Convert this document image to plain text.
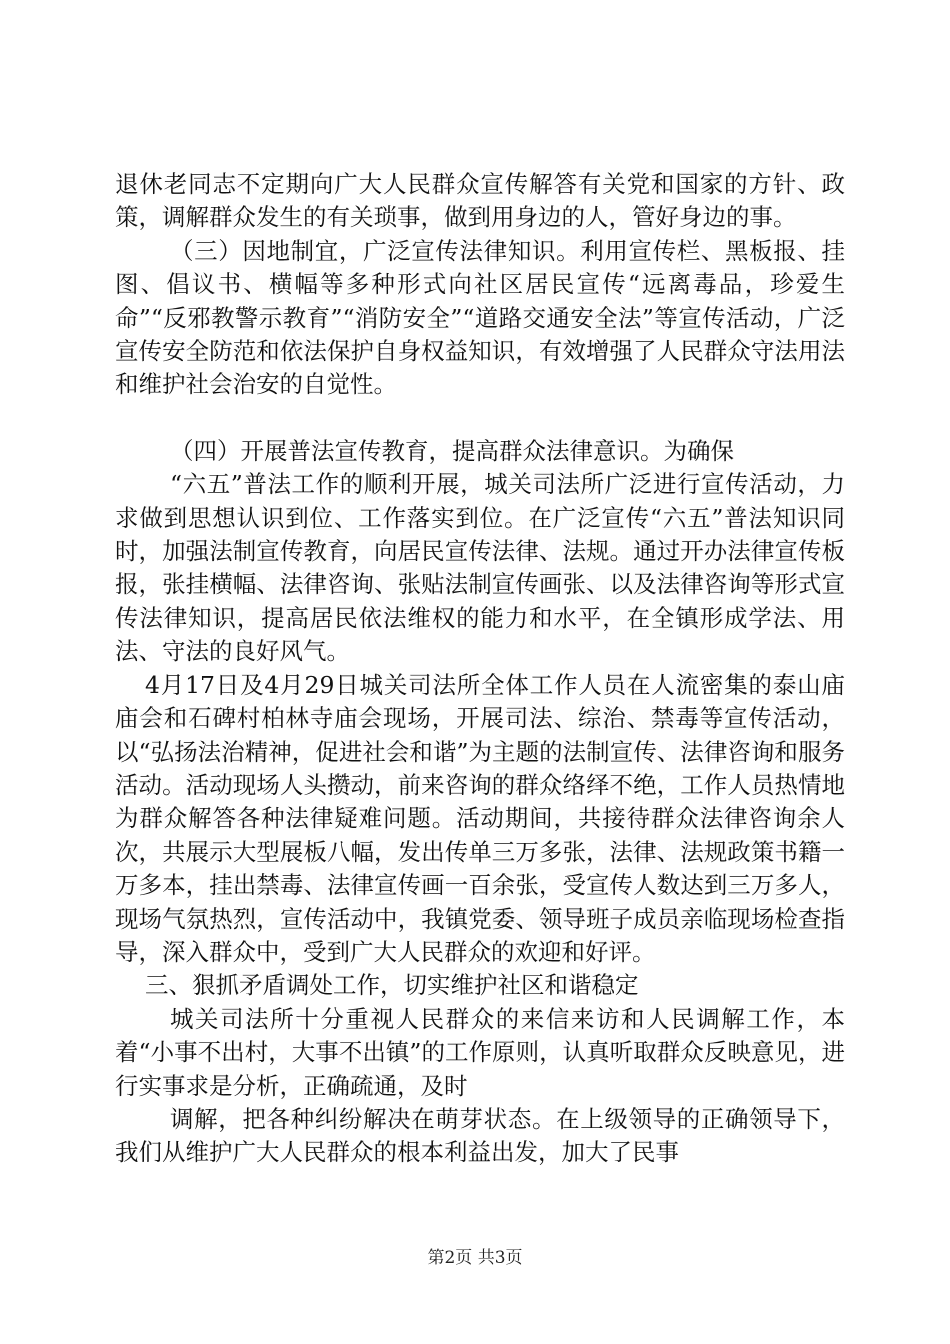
退休老同志不定期向广大人民群众宣传解答有关党和国家的方针、政策，调解群众发生的有关琐事，做到用身边的人，管好身边的事。

（三）因地制宜，广泛宣传法律知识。利用宣传栏、黑板报、挂图、倡议书、横幅等多种形式向社区居民宣传“远离毒品，珍爱生命”“反邪教警示教育”“消防安全”“道路交通安全法”等宣传活动，广泛宣传安全防范和依法保护自身权益知识，有效增强了人民群众守法用法和维护社会治安的自觉性。

（四）开展普法宣传教育，提高群众法律意识。为确保

“六五”普法工作的顺利开展，城关司法所广泛进行宣传活动，力求做到思想认识到位、工作落实到位。在广泛宣传“六五”普法知识同时，加强法制宣传教育，向居民宣传法律、法规。通过开办法律宣传板报，张挂横幅、法律咨询、张贴法制宣传画张、以及法律咨询等形式宣传法律知识，提高居民依法维权的能力和水平，在全镇形成学法、用法、守法的良好风气。

4月17日及4月29日城关司法所全体工作人员在人流密集的泰山庙庙会和石碑村柏林寺庙会现场，开展司法、综治、禁毒等宣传活动，以“弘扬法治精神，促进社会和谐”为主题的法制宣传、法律咨询和服务活动。活动现场人头攒动，前来咨询的群众络绎不绝，工作人员热情地为群众解答各种法律疑难问题。活动期间，共接待群众法律咨询余人次，共展示大型展板八幅，发出传单三万多张，法律、法规政策书籍一万多本，挂出禁毒、法律宣传画一百余张，受宣传人数达到三万多人，现场气氛热烈，宣传活动中，我镇党委、领导班子成员亲临现场检查指导，深入群众中，受到广大人民群众的欢迎和好评。

三、狠抓矛盾调处工作，切实维护社区和谐稳定

城关司法所十分重视人民群众的来信来访和人民调解工作，本着“小事不出村，大事不出镇”的工作原则，认真听取群众反映意见，进行实事求是分析，正确疏通，及时

调解，把各种纠纷解决在萌芽状态。在上级领导的正确领导下，我们从维护广大人民群众的根本利益出发，加大了民事

第2页 共3页
